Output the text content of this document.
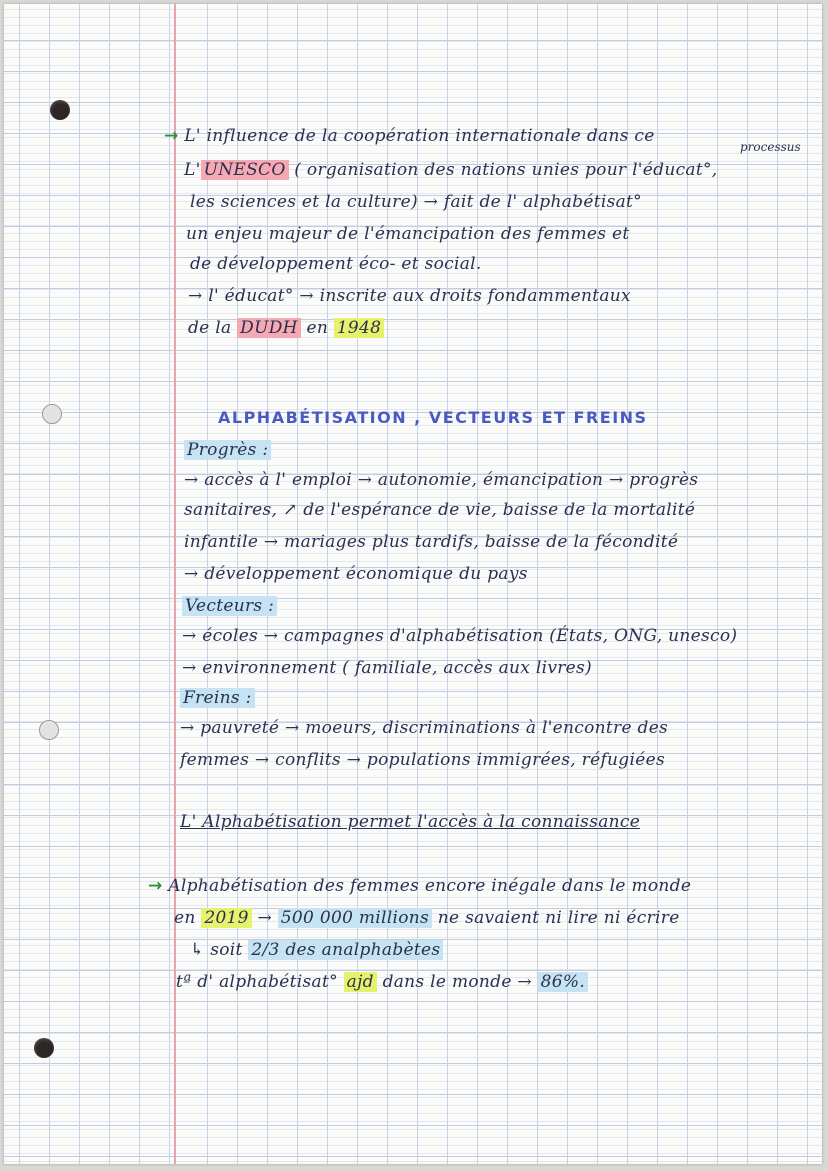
→ L' influence de la coopération internationale dans ce
processus
L' UNESCO ( organisation des nations unies pour l'éducat°,
les sciences et la culture) → fait de l' alphabétisat°
un enjeu majeur de l'émancipation des femmes et
de développement éco- et social.
→ l' éducat° → inscrite aux droits fondammentaux
de la DUDH en 1948
ALPHABÉTISATION , VECTEURS ET FREINS
Progrès :
→ accès à l' emploi → autonomie, émancipation → progrès
sanitaires, ↗ de l'espérance de vie, baisse de la mortalité
infantile → mariages plus tardifs, baisse de la fécondité
→ développement économique du pays
Vecteurs :
→ écoles → campagnes d'alphabétisation (États, ONG, unesco)
→ environnement ( familiale, accès aux livres)
Freins :
→ pauvreté → moeurs, discriminations à l'encontre des
femmes → conflits → populations immigrées, réfugiées
L' Alphabétisation permet l'accès à la connaissance
→ Alphabétisation des femmes encore inégale dans le monde
en 2019 → 500 000 millions ne savaient ni lire ni écrire
↳ soit 2/3 des analphabètes
tª d' alphabétisat° ajd dans le monde → 86%.
